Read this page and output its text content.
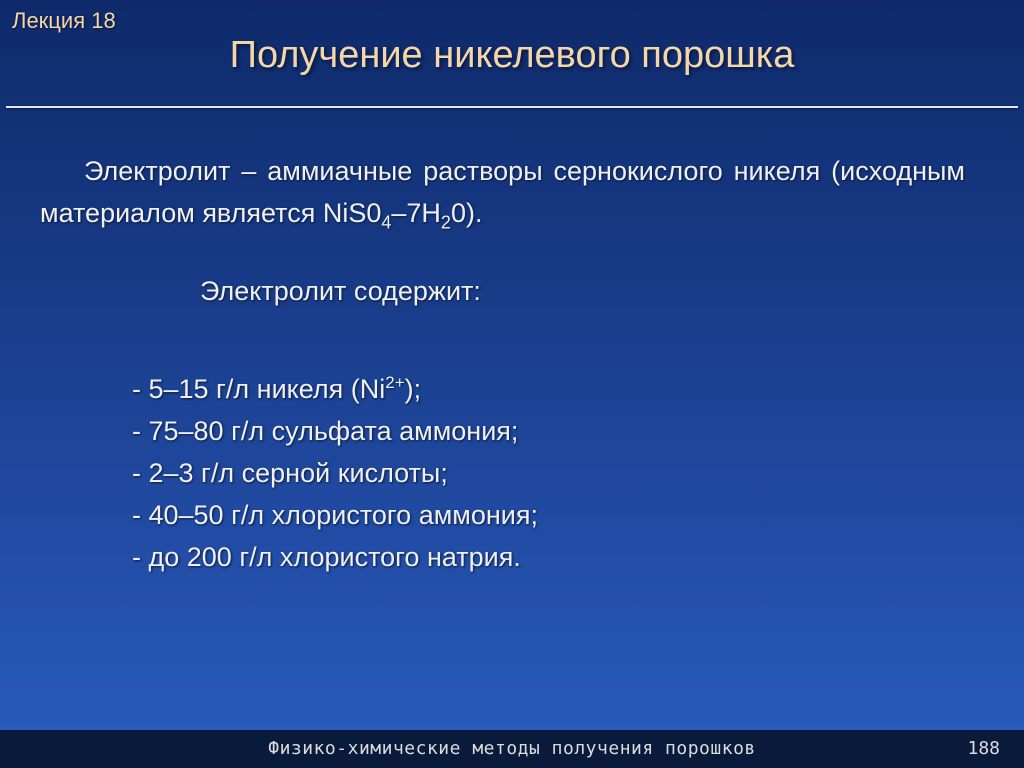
Лекция 18
Получение никелевого порошка

Электролит – аммиачные растворы сернокислого никеля (исходным материалом является $NiS0_4-7H_20$).

Электролит содержит:
- 5–15 г/л никеля $(Ni^{2+})$;
- 75–80 г/л сульфата аммония;
- 2–3 г/л серной кислоты;
- 40–50 г/л хлористого аммония;
- до 200 г/л хлористого натрия.
Физико-химические методы получения порошков	188
